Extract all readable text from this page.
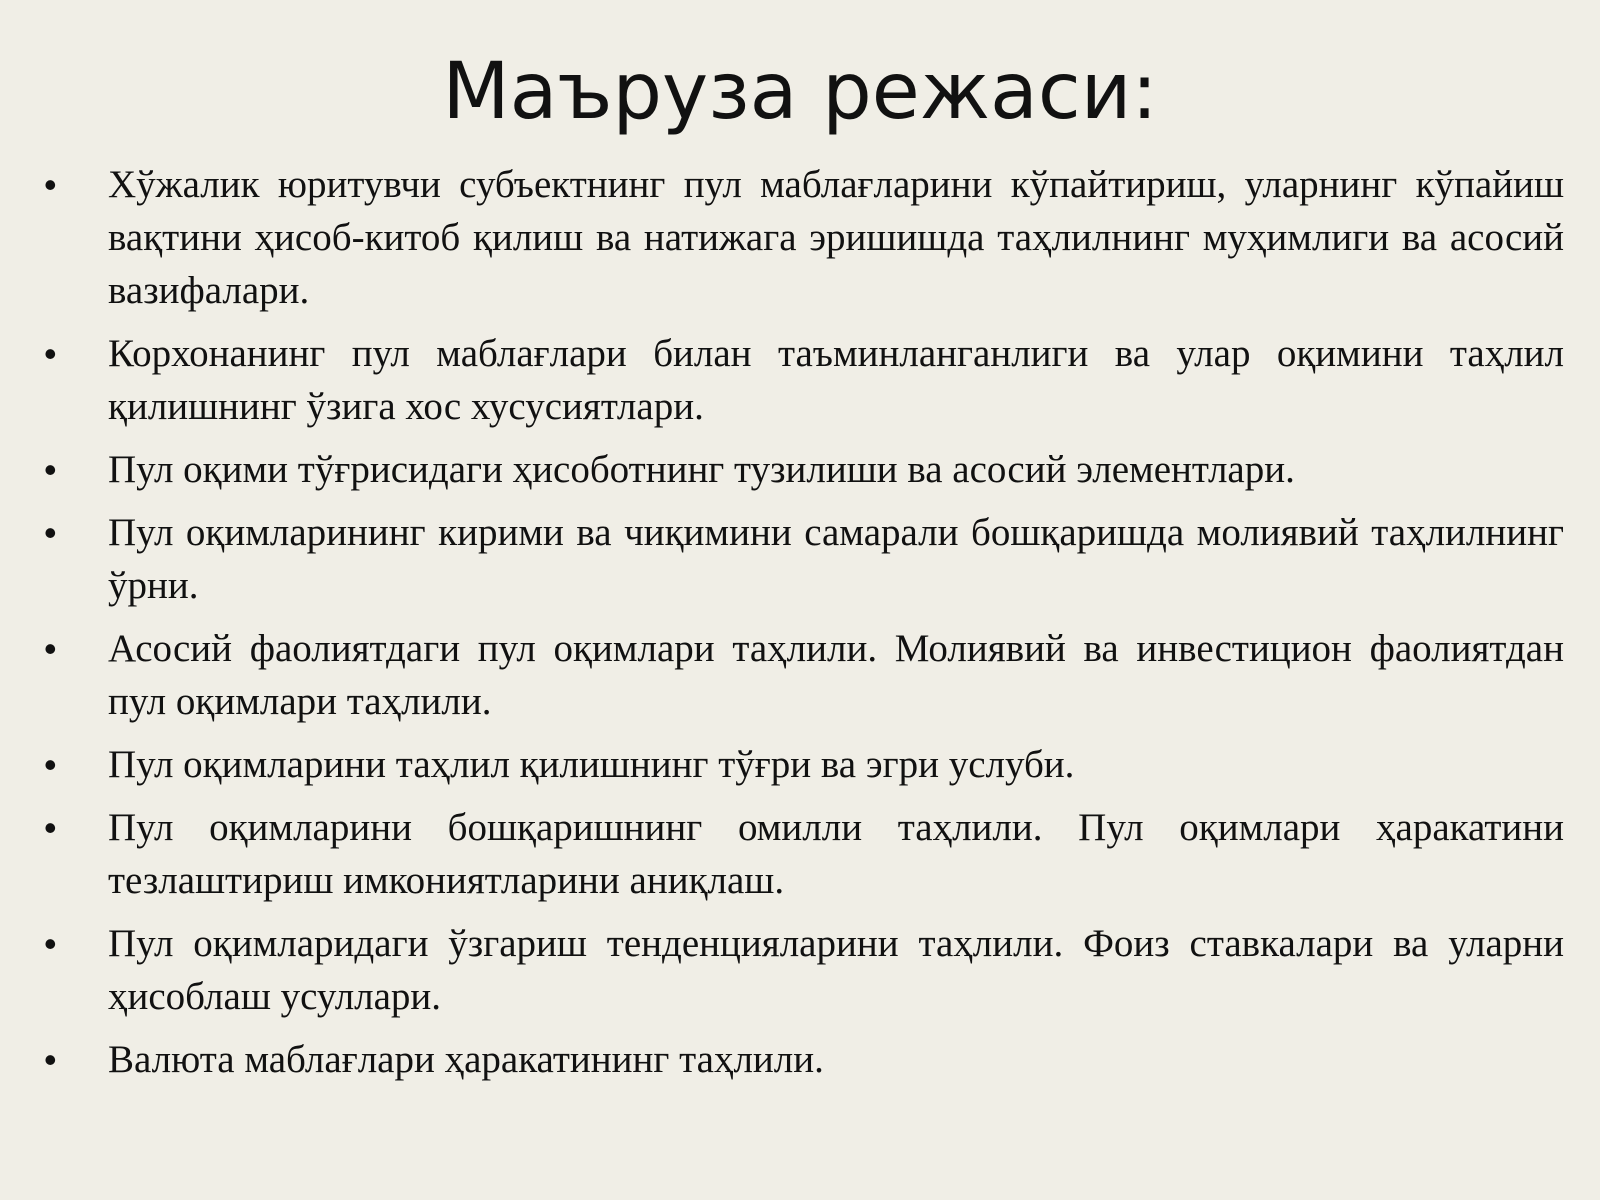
Маъруза режаси:
•	Хўжалик юритувчи субъектнинг пул маблағларини кўпайтириш, уларнинг кўпайиш вақтини ҳисоб-китоб қилиш ва натижага эришишда таҳлилнинг муҳимлиги ва асосий вазифалари.
•	Корхонанинг пул маблағлари билан таъминланганлиги ва улар оқимини таҳлил қилишнинг ўзига хос хусусиятлари.
•	Пул оқими тўғрисидаги ҳисоботнинг тузилиши ва асосий элементлари.
•	Пул оқимларининг кирими ва чиқимини самарали бошқаришда молиявий таҳлилнинг ўрни.
•	Асосий фаолиятдаги пул оқимлари таҳлили. Молиявий ва инвестицион фаолиятдан пул оқимлари таҳлили.
•	Пул оқимларини таҳлил қилишнинг тўғри ва эгри услуби.
•	Пул оқимларини бошқаришнинг омилли таҳлили. Пул оқимлари ҳаракатини тезлаштириш имкониятларини аниқлаш.
•	Пул оқимларидаги ўзгариш тенденцияларини таҳлили. Фоиз ставкалари ва уларни ҳисоблаш усуллари.
•	Валюта маблағлари ҳаракатининг таҳлили.
